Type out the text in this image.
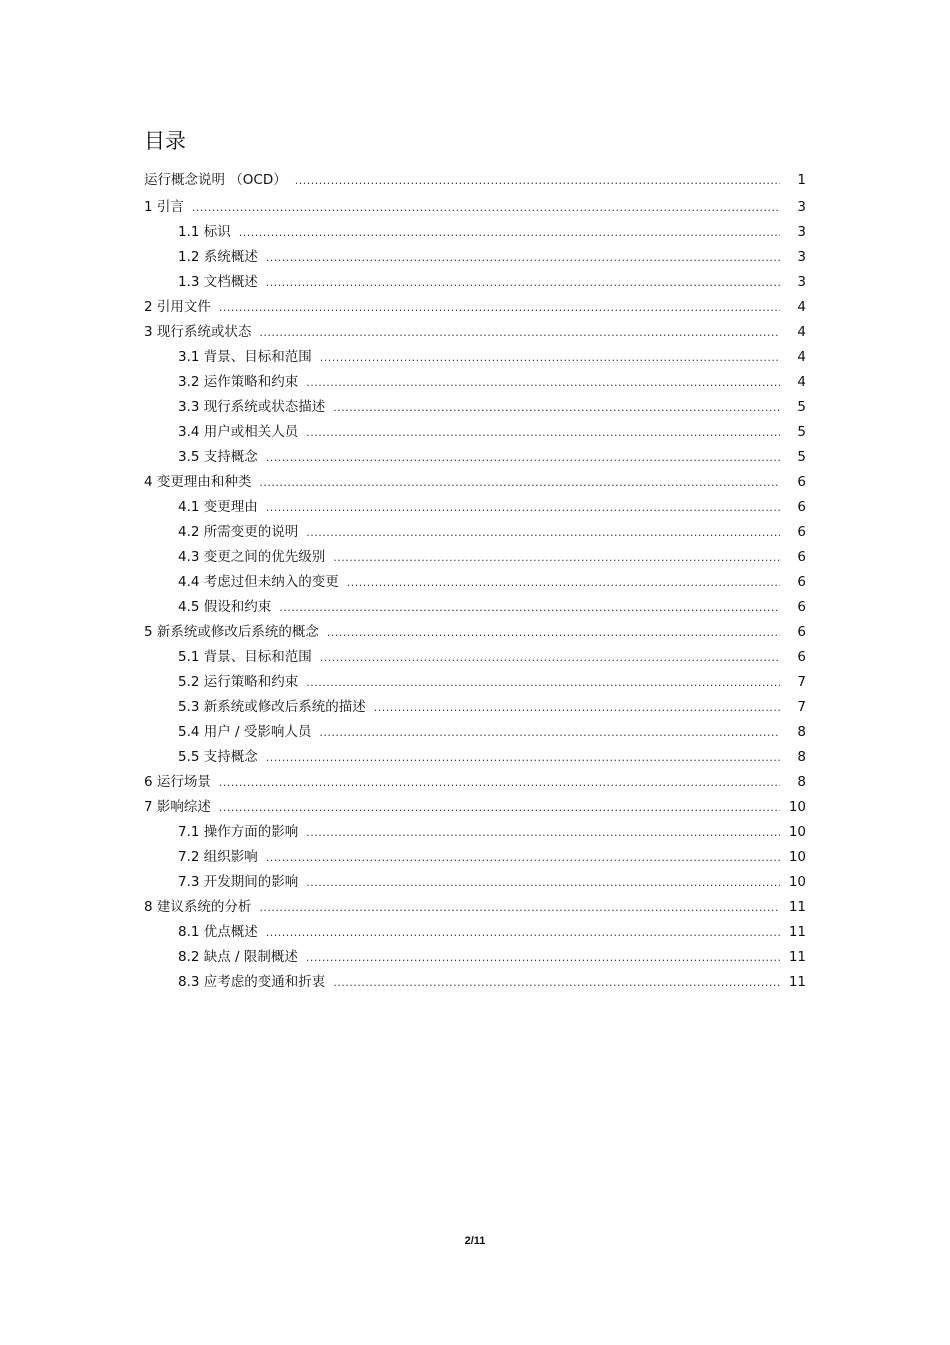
目录
运行概念说明 （OCD） .....	1
1 引言 .....	3
1.1 标识 .....	3
1.2 系统概述 .....	3
1.3 文档概述 .....	3
2 引用文件 .....	4
3 现行系统或状态 .....	4
3.1 背景、目标和范围 .....	4
3.2 运作策略和约束 .....	4
3.3 现行系统或状态描述 .....	5
3.4 用户或相关人员 .....	5
3.5 支持概念 .....	5
4 变更理由和种类 .....	6
4.1 变更理由 .....	6
4.2 所需变更的说明 .....	6
4.3 变更之间的优先级别 .....	6
4.4 考虑过但未纳入的变更 .....	6
4.5 假设和约束 .....	6
5 新系统或修改后系统的概念 .....	6
5.1 背景、目标和范围 .....	6
5.2 运行策略和约束 .....	7
5.3 新系统或修改后系统的描述 .....	7
5.4 用户 / 受影响人员 .....	8
5.5 支持概念 .....	8
6 运行场景 .....	8
7 影响综述 .....	10
7.1 操作方面的影响 .....	10
7.2 组织影响 .....	10
7.3 开发期间的影响 .....	10
8 建议系统的分析 .....	11
8.1 优点概述 .....	11
8.2 缺点 / 限制概述 .....	11
8.3 应考虑的变通和折衷 .....	11
2/11
